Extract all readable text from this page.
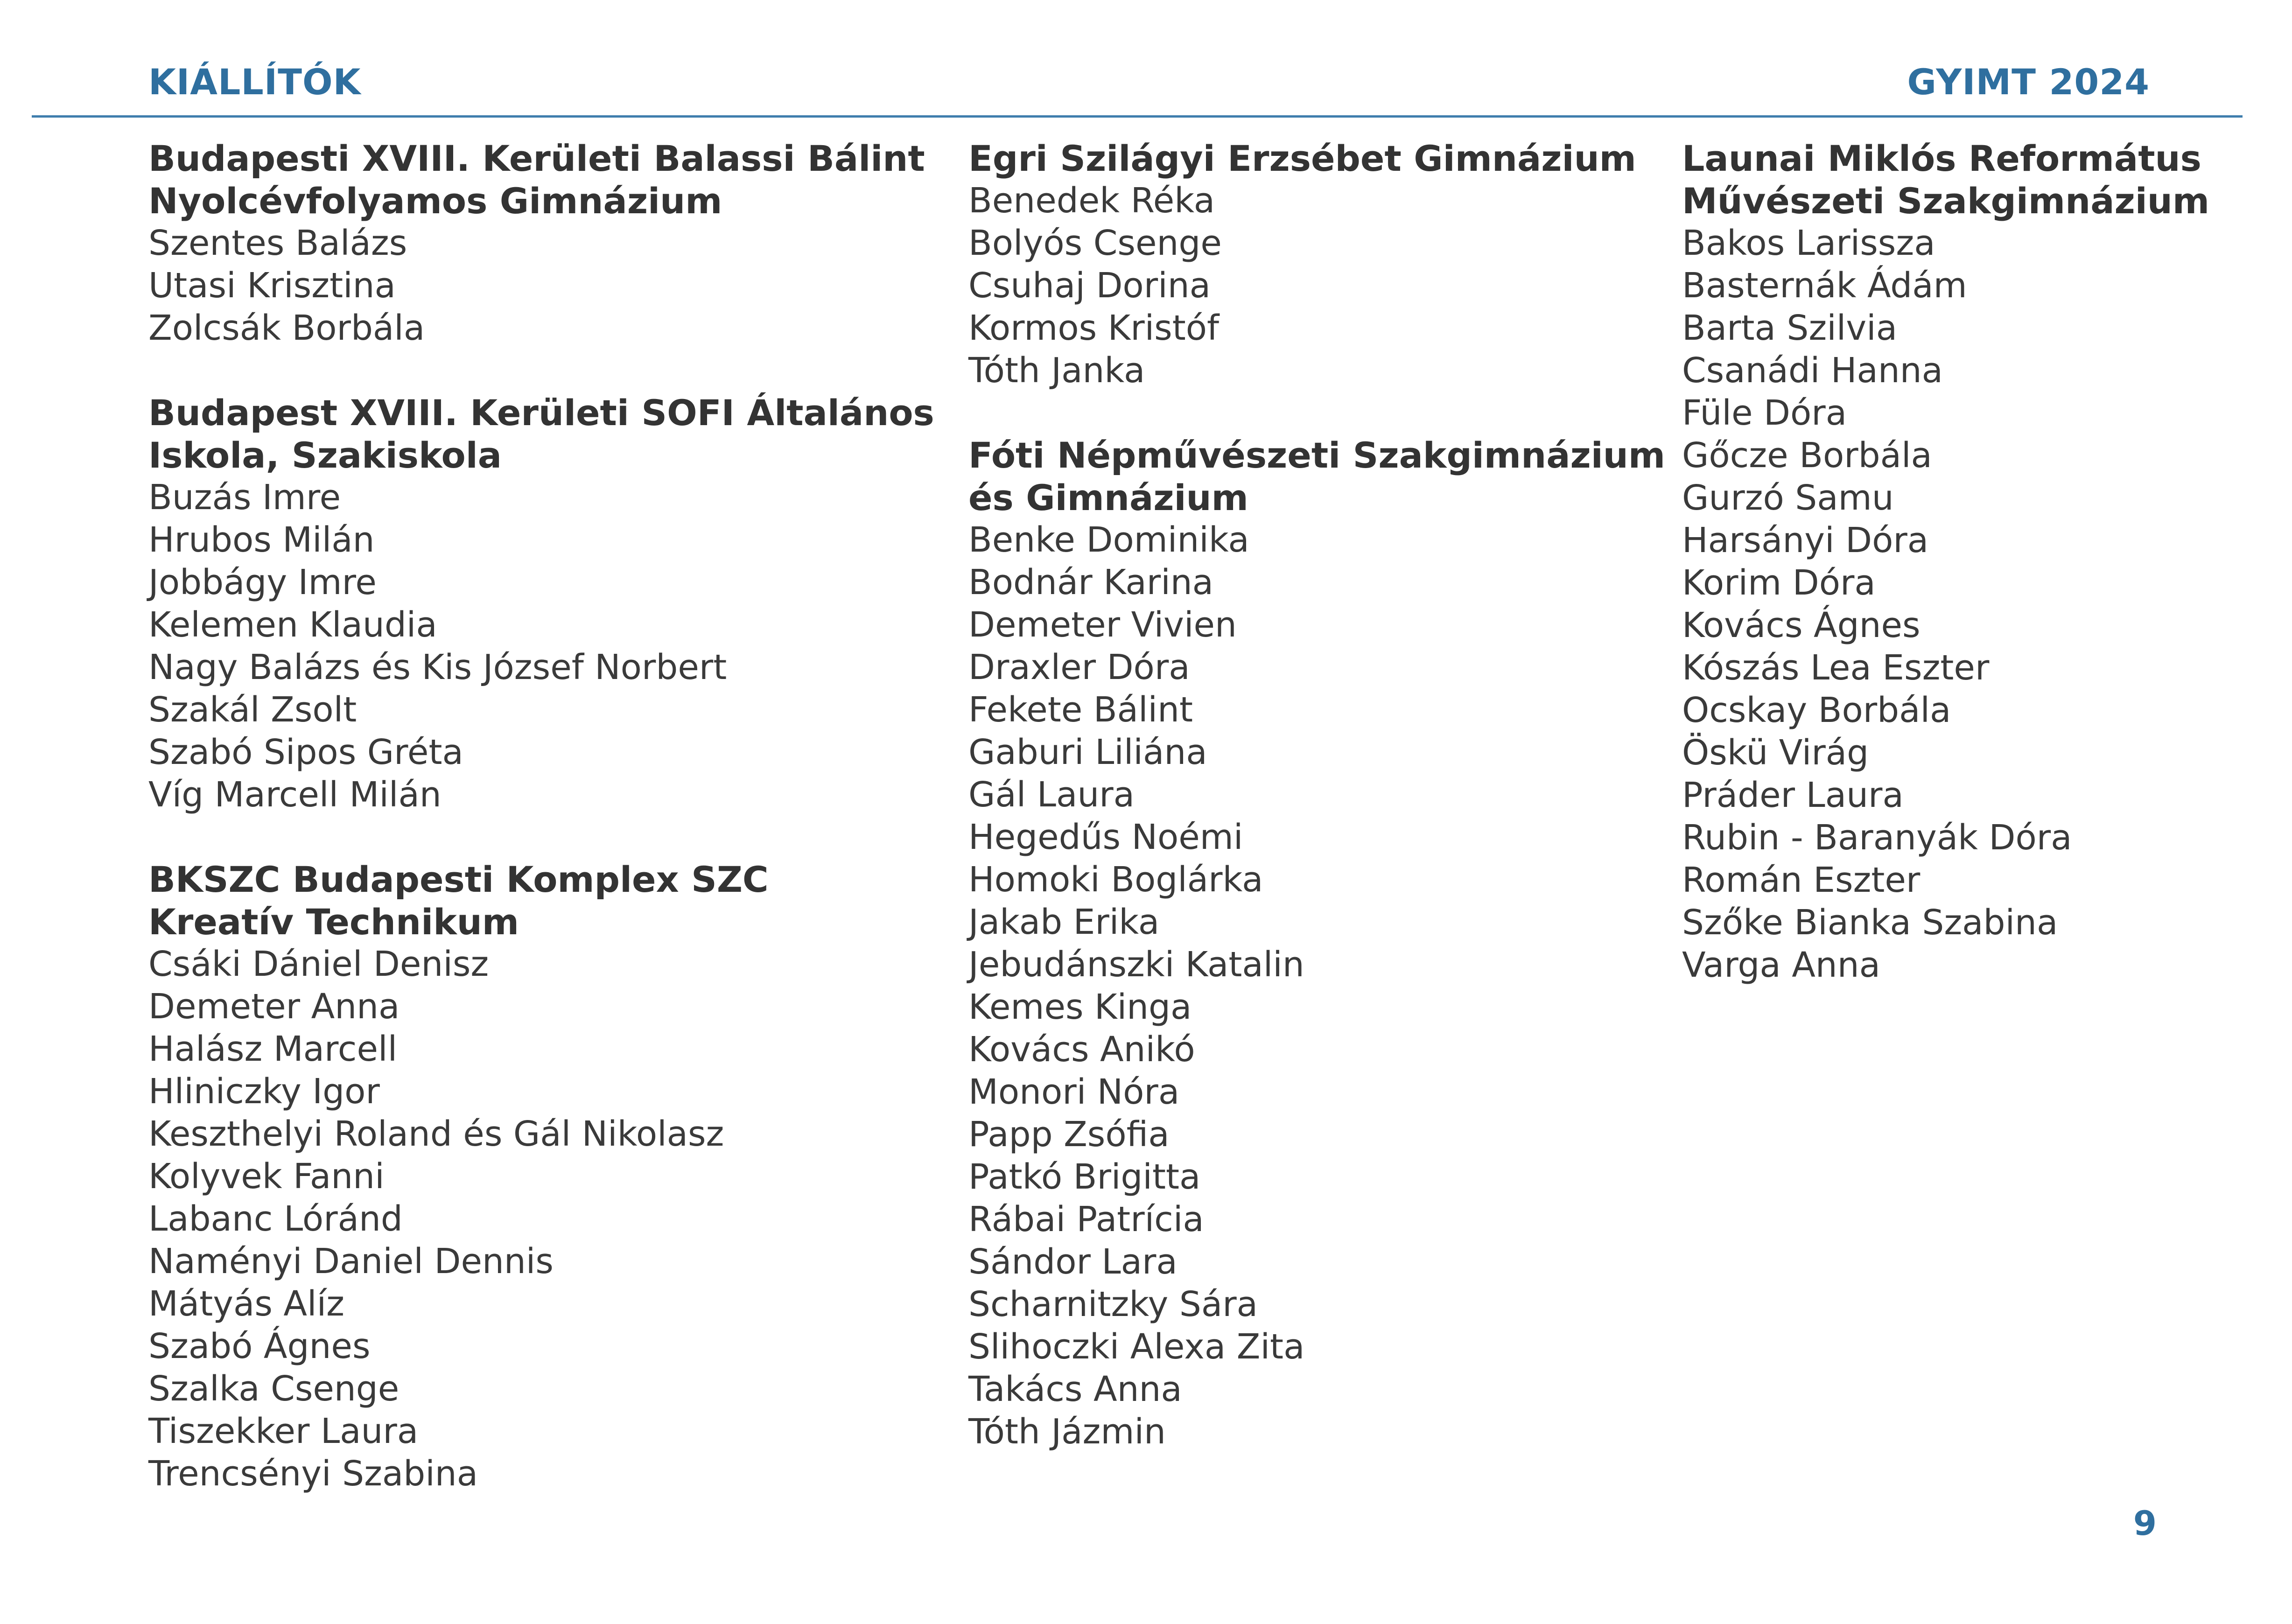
KIÁLLÍTÓK	GYIMT 2024
Budapesti XVIII. Kerületi Balassi Bálint
Nyolcévfolyamos Gimnázium
Szentes Balázs
Utasi Krisztina
Zolcsák Borbála
Budapest XVIII. Kerületi SOFI Általános
Iskola, Szakiskola
Buzás Imre
Hrubos Milán
Jobbágy Imre
Kelemen Klaudia
Nagy Balázs és Kis József Norbert
Szakál Zsolt
Szabó Sipos Gréta
Víg Marcell Milán
BKSZC Budapesti Komplex SZC
Kreatív Technikum
Csáki Dániel Denisz
Demeter Anna
Halász Marcell
Hliniczky Igor
Keszthelyi Roland és Gál Nikolasz
Kolyvek Fanni
Labanc Lóránd
Naményi Daniel Dennis
Mátyás Alíz
Szabó Ágnes
Szalka Csenge
Tiszekker Laura
Trencsényi Szabina
Egri Szilágyi Erzsébet Gimnázium
Benedek Réka
Bolyós Csenge
Csuhaj Dorina
Kormos Kristóf
Tóth Janka
Fóti Népművészeti Szakgimnázium
és Gimnázium
Benke Dominika
Bodnár Karina
Demeter Vivien
Draxler Dóra
Fekete Bálint
Gaburi Liliána
Gál Laura
Hegedűs Noémi
Homoki Boglárka
Jakab Erika
Jebudánszki Katalin
Kemes Kinga
Kovács Anikó
Monori Nóra
Papp Zsófia
Patkó Brigitta
Rábai Patrícia
Sándor Lara
Scharnitzky Sára
Slihoczki Alexa Zita
Takács Anna
Tóth Jázmin
Launai Miklós Református
Művészeti Szakgimnázium
Bakos Larissza
Basternák Ádám
Barta Szilvia
Csanádi Hanna
Füle Dóra
Gőcze Borbála
Gurzó Samu
Harsányi Dóra
Korim Dóra
Kovács Ágnes
Kószás Lea Eszter
Ocskay Borbála
Öskü Virág
Práder Laura
Rubin - Baranyák Dóra
Román Eszter
Szőke Bianka Szabina
Varga Anna
9
